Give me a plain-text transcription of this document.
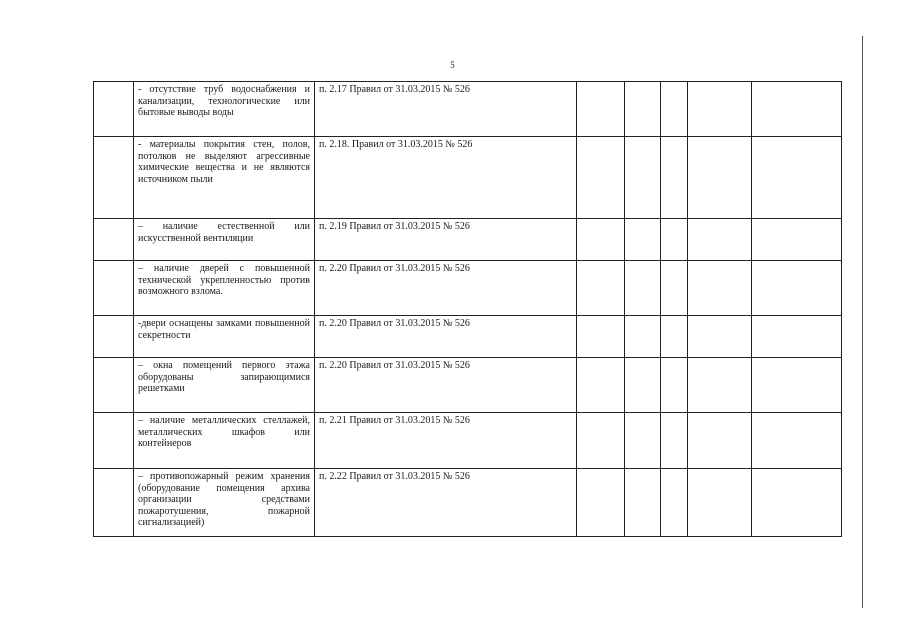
5
	- отсутствие труб водоснабжения и канализации, технологические или бытовые выводы воды	п. 2.17 Правил от 31.03.2015 № 526					
	- материалы покрытия стен, полов, потолков не выделяют агрессивные химические вещества и не являются источником пыли	п. 2.18. Правил от 31.03.2015 № 526					
	– наличие естественной или искусственной вентиляции	п. 2.19 Правил от 31.03.2015 № 526					
	– наличие дверей с повышенной технической укрепленностью против возможного взлома.	п. 2.20 Правил от 31.03.2015 № 526					
	-двери оснащены замками повышенной секретности	п. 2.20 Правил от 31.03.2015 № 526					
	– окна помещений первого этажа оборудованы запирающимися решетками	п. 2.20 Правил от 31.03.2015 № 526					
	– наличие металлических стеллажей, металлических шкафов или контейнеров	п. 2.21 Правил от 31.03.2015 № 526					
	– противопожарный режим хранения (оборудование помещения архива организации средствами пожаротушения, пожарной сигнализацией)	п. 2.22 Правил от 31.03.2015 № 526					
